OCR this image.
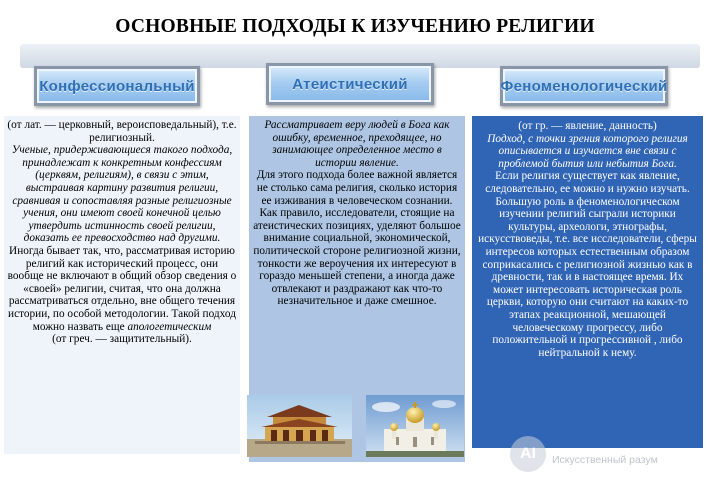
ОСНОВНЫЕ ПОДХОДЫ К ИЗУЧЕНИЮ РЕЛИГИИ
Конфессиональный	Атеистический	Феноменологический

(от лат. — церковный, вероисповедальный), т.е. религиозный.

Ученые, придерживающиеся такого подхода, принадлежат к конкретным конфессиям (церквям, религиям), в связи с этим, выстраивая картину развития религии, сравнивая и сопоставляя разные религиозные учения, они имеют своей конечной целью утвердить истинность своей религии, доказать ее превосходство над другими. Иногда бывает так, что, рассматривая историю религий как исторический процесс, они вообще не включают в общий обзор сведения о «своей» религии, считая, что она должна рассматриваться отдельно, вне общего течения истории, по особой методологии. Такой подход можно назвать еще апологетическим

(от греч. — защитительный).

Рассматривает веру людей в Бога как ошибку, временное, преходящее, но занимающее определенное место в истории явление.

Для этого подхода более важной является не столько сама религия, сколько история ее изживания в человеческом сознании.

Как правило, исследователи, стоящие на атеистических позициях, уделяют большое внимание социальной, экономической, политической стороне религиозной жизни, тонкости же вероучения их интересуют в гораздо меньшей степени, а иногда даже отвлекают и раздражают как что-то незначительное и даже смешное.

(от гр. — явление, данность)

Подход, с точки зрения которого религия описывается и изучается вне связи с проблемой бытия или небытия Бога.

Если религия существует как явление, следовательно, ее можно и нужно изучать. Большую роль в феноменологическом изучении религий сыграли историки культуры, археологи, этнографы, искусствоведы, т.е. все исследователи, сферы интересов которых естественным образом соприкасались с религиозной жизнью как в древности, так и в настоящее время. Их может интересовать историческая роль церкви, которую они считают на каких-то этапах реакционной, мешающей человеческому прогрессу, либо положительной и прогрессивной , либо нейтральной к нему.

AI	Искусственный разум
